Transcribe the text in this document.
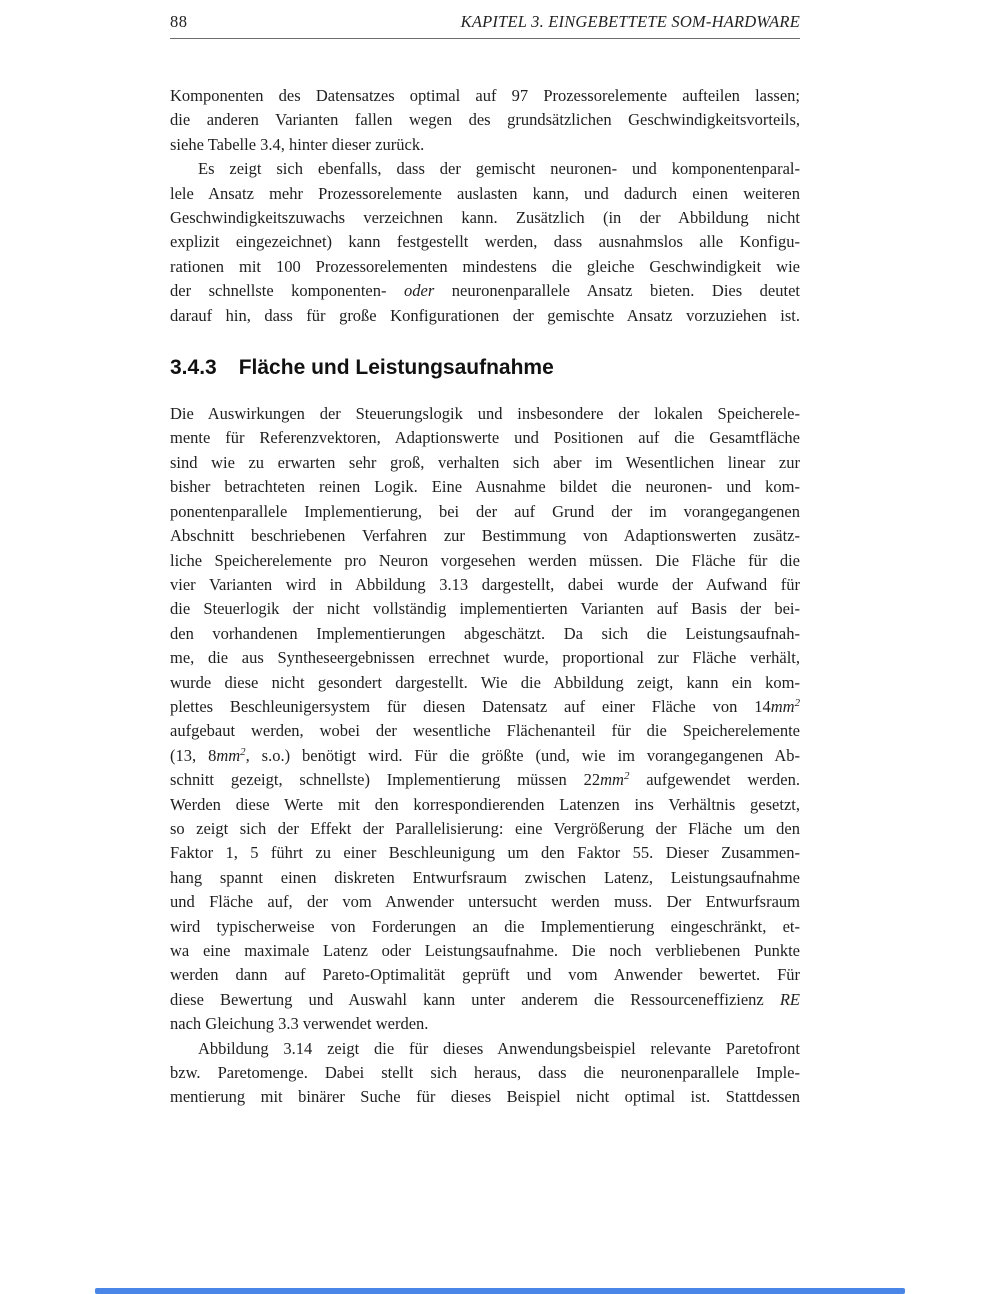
88	KAPITEL 3. EINGEBETTETE SOM-HARDWARE
Komponenten des Datensatzes optimal auf 97 Prozessorelemente aufteilen lassen;
die anderen Varianten fallen wegen des grundsätzlichen Geschwindigkeitsvorteils,
siehe Tabelle 3.4, hinter dieser zurück.
Es zeigt sich ebenfalls, dass der gemischt neuronen- und komponentenparal-
lele Ansatz mehr Prozessorelemente auslasten kann, und dadurch einen weiteren
Geschwindigkeitszuwachs verzeichnen kann. Zusätzlich (in der Abbildung nicht
explizit eingezeichnet) kann festgestellt werden, dass ausnahmslos alle Konfigu-
rationen mit 100 Prozessorelementen mindestens die gleiche Geschwindigkeit wie
der schnellste komponenten- oder neuronenparallele Ansatz bieten. Dies deutet
darauf hin, dass für große Konfigurationen der gemischte Ansatz vorzuziehen ist.
3.4.3 Fläche und Leistungsaufnahme
Die Auswirkungen der Steuerungslogik und insbesondere der lokalen Speicherele-
mente für Referenzvektoren, Adaptionswerte und Positionen auf die Gesamtfläche
sind wie zu erwarten sehr groß, verhalten sich aber im Wesentlichen linear zur
bisher betrachteten reinen Logik. Eine Ausnahme bildet die neuronen- und kom-
ponentenparallele Implementierung, bei der auf Grund der im vorangegangenen
Abschnitt beschriebenen Verfahren zur Bestimmung von Adaptionswerten zusätz-
liche Speicherelemente pro Neuron vorgesehen werden müssen. Die Fläche für die
vier Varianten wird in Abbildung 3.13 dargestellt, dabei wurde der Aufwand für
die Steuerlogik der nicht vollständig implementierten Varianten auf Basis der bei-
den vorhandenen Implementierungen abgeschätzt. Da sich die Leistungsaufnah-
me, die aus Syntheseergebnissen errechnet wurde, proportional zur Fläche verhält,
wurde diese nicht gesondert dargestellt. Wie die Abbildung zeigt, kann ein kom-
plettes Beschleunigersystem für diesen Datensatz auf einer Fläche von $14mm^2$
aufgebaut werden, wobei der wesentliche Flächenanteil für die Speicherelemente
(13, $8mm^2$, s.o.) benötigt wird. Für die größte (und, wie im vorangegangenen Ab-
schnitt gezeigt, schnellste) Implementierung müssen $22mm^2$ aufgewendet werden.
Werden diese Werte mit den korrespondierenden Latenzen ins Verhältnis gesetzt,
so zeigt sich der Effekt der Parallelisierung: eine Vergrößerung der Fläche um den
Faktor 1, 5 führt zu einer Beschleunigung um den Faktor 55. Dieser Zusammen-
hang spannt einen diskreten Entwurfsraum zwischen Latenz, Leistungsaufnahme
und Fläche auf, der vom Anwender untersucht werden muss. Der Entwurfsraum
wird typischerweise von Forderungen an die Implementierung eingeschränkt, et-
wa eine maximale Latenz oder Leistungsaufnahme. Die noch verbliebenen Punkte
werden dann auf Pareto-Optimalität geprüft und vom Anwender bewertet. Für
diese Bewertung und Auswahl kann unter anderem die Ressourceneffizienz RE
nach Gleichung 3.3 verwendet werden.
Abbildung 3.14 zeigt die für dieses Anwendungsbeispiel relevante Paretofront
bzw. Paretomenge. Dabei stellt sich heraus, dass die neuronenparallele Imple-
mentierung mit binärer Suche für dieses Beispiel nicht optimal ist. Stattdessen
